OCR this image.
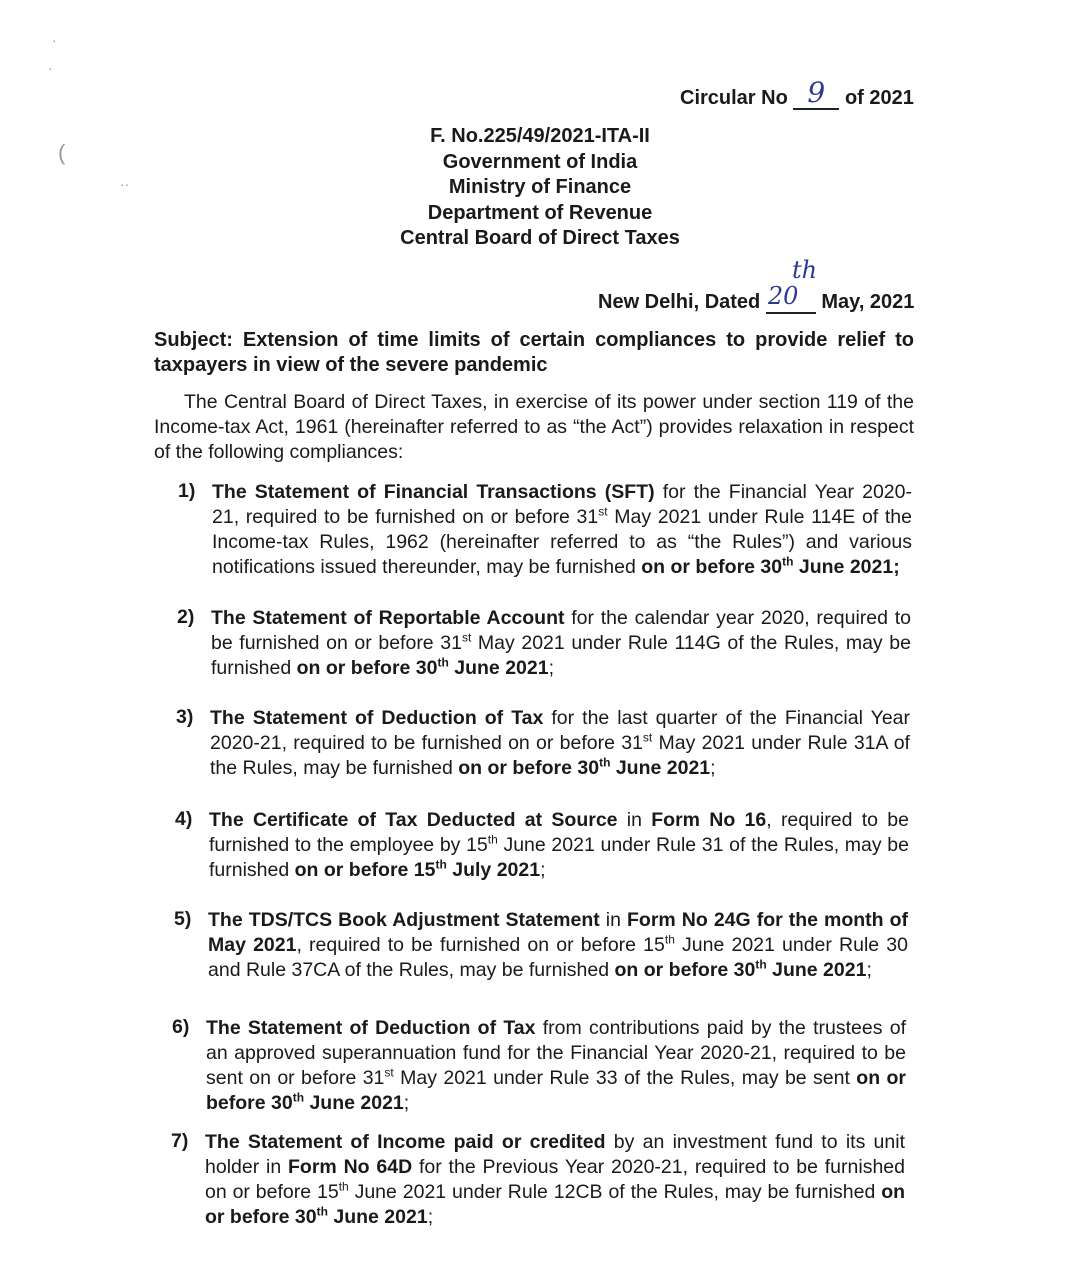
·
·
(
··
Circular No 9 of 2021
F. No.225/49/2021-ITA-II
Government of India
Ministry of Finance
Department of Revenue
Central Board of Direct Taxes
th
New Delhi, Dated 20 May, 2021
Subject: Extension of time limits of certain compliances to provide relief to taxpayers in view of the severe pandemic
The Central Board of Direct Taxes, in exercise of its power under section 119 of the Income-tax Act, 1961 (hereinafter referred to as “the Act”) provides relaxation in respect of the following compliances:
1) The Statement of Financial Transactions (SFT) for the Financial Year 2020-21, required to be furnished on or before 31st May 2021 under Rule 114E of the Income-tax Rules, 1962 (hereinafter referred to as “the Rules”) and various notifications issued thereunder, may be furnished on or before 30th June 2021;
2) The Statement of Reportable Account for the calendar year 2020, required to be furnished on or before 31st May 2021 under Rule 114G of the Rules, may be furnished on or before 30th June 2021;
3) The Statement of Deduction of Tax for the last quarter of the Financial Year 2020-21, required to be furnished on or before 31st May 2021 under Rule 31A of the Rules, may be furnished on or before 30th June 2021;
4) The Certificate of Tax Deducted at Source in Form No 16, required to be furnished to the employee by 15th June 2021 under Rule 31 of the Rules, may be furnished on or before 15th July 2021;
5) The TDS/TCS Book Adjustment Statement in Form No 24G for the month of May 2021, required to be furnished on or before 15th June 2021 under Rule 30 and Rule 37CA of the Rules, may be furnished on or before 30th June 2021;
6) The Statement of Deduction of Tax from contributions paid by the trustees of an approved superannuation fund for the Financial Year 2020-21, required to be sent on or before 31st May 2021 under Rule 33 of the Rules, may be sent on or before 30th June 2021;
7) The Statement of Income paid or credited by an investment fund to its unit holder in Form No 64D for the Previous Year 2020-21, required to be furnished on or before 15th June 2021 under Rule 12CB of the Rules, may be furnished on or before 30th June 2021;
